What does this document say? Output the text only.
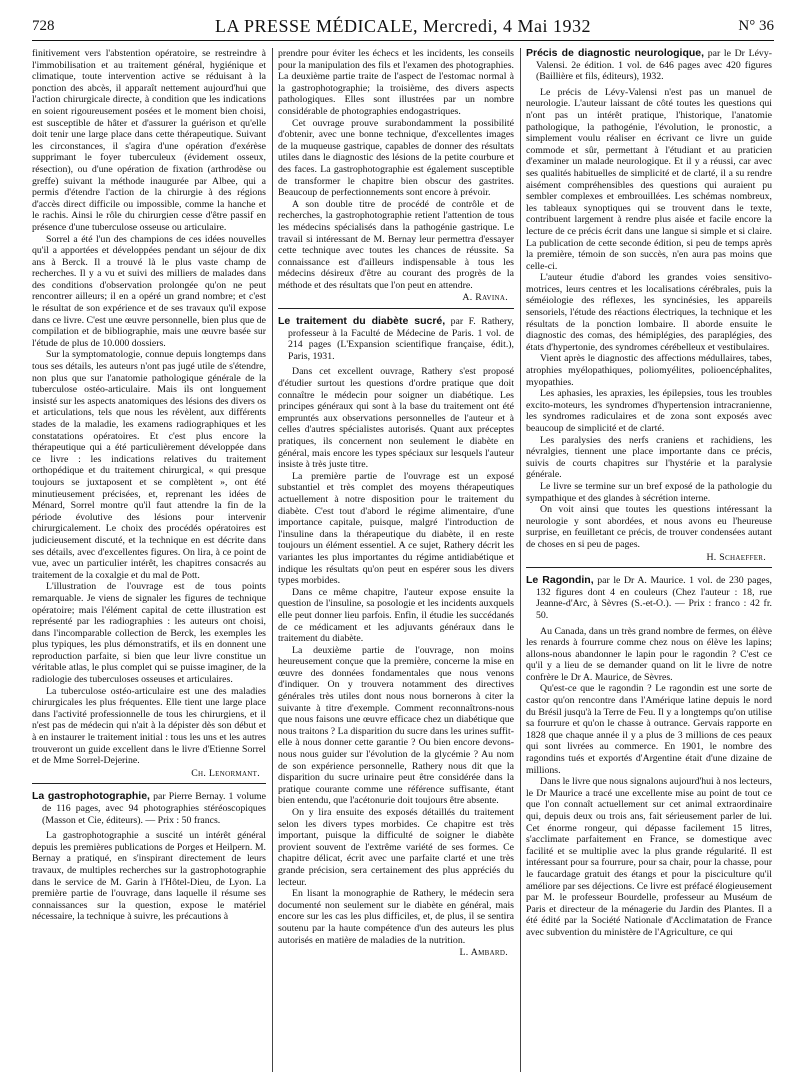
728	LA PRESSE MÉDICALE, Mercredi, 4 Mai 1932	N° 36

finitivement vers l'abstention opératoire, se restreindre à l'immobilisation et au traitement général, hygiénique et climatique, toute intervention active se réduisant à la ponction des abcès, il apparaît nettement aujourd'hui que l'action chirurgicale directe, à condition que les indications en soient rigoureusement posées et le moment bien choisi, est susceptible de hâter et d'assurer la guérison et qu'elle doit tenir une large place dans cette thérapeutique. Suivant les circonstances, il s'agira d'une opération d'exérèse supprimant le foyer tuberculeux (évidement osseux, résection), ou d'une opération de fixation (arthrodèse ou greffe) suivant la méthode inaugurée par Albee, qui a permis d'étendre l'action de la chirurgie à des régions d'accès direct difficile ou impossible, comme la hanche et le rachis. Ainsi le rôle du chirurgien cesse d'être passif en présence d'une tuberculose osseuse ou articulaire.

Sorrel a été l'un des champions de ces idées nouvelles qu'il a apportées et développées pendant un séjour de dix ans à Berck. Il a trouvé là le plus vaste champ de recherches. Il y a vu et suivi des milliers de malades dans des conditions d'observation prolongée qu'on ne peut rencontrer ailleurs; il en a opéré un grand nombre; et c'est le résultat de son expérience et de ses travaux qu'il expose dans ce livre. C'est une œuvre personnelle, bien plus que de compilation et de bibliographie, mais une œuvre basée sur l'étude de plus de 10.000 dossiers.

Sur la symptomatologie, connue depuis longtemps dans tous ses détails, les auteurs n'ont pas jugé utile de s'étendre, non plus que sur l'anatomie pathologique générale de la tuberculose ostéo-articulaire. Mais ils ont longuement insisté sur les aspects anatomiques des lésions des divers os et articulations, tels que nous les révèlent, aux différents stades de la maladie, les examens radiographiques et les constatations opératoires. Et c'est plus encore la thérapeutique qui a été particulièrement développée dans ce livre : les indications relatives du traitement orthopédique et du traitement chirurgical, « qui presque toujours se juxtaposent et se complètent », ont été minutieusement précisées, et, reprenant les idées de Ménard, Sorrel montre qu'il faut attendre la fin de la période évolutive des lésions pour intervenir chirurgicalement. Le choix des procédés opératoires est judicieusement discuté, et la technique en est décrite dans ses détails, avec d'excellentes figures. On lira, à ce point de vue, avec un particulier intérêt, les chapitres consacrés au traitement de la coxalgie et du mal de Pott.

L'illustration de l'ouvrage est de tous points remarquable. Je viens de signaler les figures de technique opératoire; mais l'élément capital de cette illustration est représenté par les radiographies : les auteurs ont choisi, dans l'incomparable collection de Berck, les exemples les plus typiques, les plus démonstratifs, et ils en donnent une reproduction parfaite, si bien que leur livre constitue un véritable atlas, le plus complet qui se puisse imaginer, de la radiologie des tuberculoses osseuses et articulaires.

La tuberculose ostéo-articulaire est une des maladies chirurgicales les plus fréquentes. Elle tient une large place dans l'activité professionnelle de tous les chirurgiens, et il n'est pas de médecin qui n'ait à la dépister dès son début et à en instaurer le traitement initial : tous les uns et les autres trouveront un guide excellent dans le livre d'Etienne Sorrel et de Mme Sorrel-Dejerine.

Ch. Lenormant.

La gastrophotographie, par Pierre Bernay. 1 volume de 116 pages, avec 94 photographies stéréoscopiques (Masson et Cie, éditeurs). — Prix : 50 francs.

La gastrophotographie a suscité un intérêt général depuis les premières publications de Porges et Heilpern. M. Bernay a pratiqué, en s'inspirant directement de leurs travaux, de multiples recherches sur la gastrophotographie dans le service de M. Garin à l'Hôtel-Dieu, de Lyon. La première partie de l'ouvrage, dans laquelle il résume ses connaissances sur la question, expose le matériel nécessaire, la technique à suivre, les précautions à

prendre pour éviter les échecs et les incidents, les conseils pour la manipulation des fils et l'examen des photographies. La deuxième partie traite de l'aspect de l'estomac normal à la gastrophotographie; la troisième, des divers aspects pathologiques. Elles sont illustrées par un nombre considérable de photographies endogastriques.

Cet ouvrage prouve surabondamment la possibilité d'obtenir, avec une bonne technique, d'excellentes images de la muqueuse gastrique, capables de donner des résultats utiles dans le diagnostic des lésions de la petite courbure et des faces. La gastrophotographie est également susceptible de transformer le chapitre bien obscur des gastrites. Beaucoup de perfectionnements sont encore à prévoir.

A son double titre de procédé de contrôle et de recherches, la gastrophotographie retient l'attention de tous les médecins spécialisés dans la pathogénie gastrique. Le travail si intéressant de M. Bernay leur permettra d'essayer cette technique avec toutes les chances de réussite. Sa connaissance est d'ailleurs indispensable à tous les médecins désireux d'être au courant des progrès de la méthode et des résultats que l'on peut en attendre.

A. Ravina.

Le traitement du diabète sucré, par F. Rathery, professeur à la Faculté de Médecine de Paris. 1 vol. de 214 pages (L'Expansion scientifique française, édit.), Paris, 1931.

Dans cet excellent ouvrage, Rathery s'est proposé d'étudier surtout les questions d'ordre pratique que doit connaître le médecin pour soigner un diabétique. Les principes généraux qui sont à la base du traitement ont été empruntés aux observations personnelles de l'auteur et à celles d'autres spécialistes autorisés. Quant aux préceptes pratiques, ils concernent non seulement le diabète en général, mais encore les types spéciaux sur lesquels l'auteur insiste à très juste titre.

La première partie de l'ouvrage est un exposé substantiel et très complet des moyens thérapeutiques actuellement à notre disposition pour le traitement du diabète. C'est tout d'abord le régime alimentaire, d'une importance capitale, puisque, malgré l'introduction de l'insuline dans la thérapeutique du diabète, il en reste toujours un élément essentiel. A ce sujet, Rathery décrit les variantes les plus importantes du régime antidiabétique et indique les résultats qu'on peut en espérer sous les divers types morbides.

Dans ce même chapitre, l'auteur expose ensuite la question de l'insuline, sa posologie et les incidents auxquels elle peut donner lieu parfois. Enfin, il étudie les succédanés de ce médicament et les adjuvants généraux dans le traitement du diabète.

La deuxième partie de l'ouvrage, non moins heureusement conçue que la première, concerne la mise en œuvre des données fondamentales que nous venons d'indiquer. On y trouvera notamment des directives générales très utiles dont nous nous bornerons à citer la suivante à titre d'exemple. Comment reconnaîtrons-nous que nous faisons une œuvre efficace chez un diabétique que nous traitons ? La disparition du sucre dans les urines suffit-elle à nous donner cette garantie ? Ou bien encore devons-nous nous guider sur l'évolution de la glycémie ? Au nom de son expérience personnelle, Rathery nous dit que la disparition du sucre urinaire peut être considérée dans la pratique courante comme une référence suffisante, étant bien entendu, que l'acétonurie doit toujours être absente.

On y lira ensuite des exposés détaillés du traitement selon les divers types morbides. Ce chapitre est très important, puisque la difficulté de soigner le diabète provient souvent de l'extrême variété de ses formes. Ce chapitre délicat, écrit avec une parfaite clarté et une très grande précision, sera certainement des plus appréciés du lecteur.

En lisant la monographie de Rathery, le médecin sera documenté non seulement sur le diabète en général, mais encore sur les cas les plus difficiles, et, de plus, il se sentira soutenu par la haute compétence d'un des auteurs les plus autorisés en matière de maladies de la nutrition.

L. Ambard.

Précis de diagnostic neurologique, par le Dr Lévy-Valensi. 2e édition. 1 vol. de 646 pages avec 420 figures (Baillière et fils, éditeurs), 1932.

Le précis de Lévy-Valensi n'est pas un manuel de neurologie. L'auteur laissant de côté toutes les questions qui n'ont pas un intérêt pratique, l'historique, l'anatomie pathologique, la pathogénie, l'évolution, le pronostic, a simplement voulu réaliser en écrivant ce livre un guide commode et sûr, permettant à l'étudiant et au praticien d'examiner un malade neurologique. Et il y a réussi, car avec ses qualités habituelles de simplicité et de clarté, il a su rendre aisément compréhensibles des questions qui auraient pu sembler complexes et embrouillées. Les schémas nombreux, les tableaux synoptiques qui se trouvent dans le texte, contribuent largement à rendre plus aisée et facile encore la lecture de ce précis écrit dans une langue si simple et si claire. La publication de cette seconde édition, si peu de temps après la première, témoin de son succès, n'en aura pas moins que celle-ci.

L'auteur étudie d'abord les grandes voies sensitivo-motrices, leurs centres et les localisations cérébrales, puis la séméiologie des réflexes, les syncinésies, les appareils sensoriels, l'étude des réactions électriques, la technique et les résultats de la ponction lombaire. Il aborde ensuite le diagnostic des comas, des hémiplégies, des paraplégies, des états d'hypertonie, des syndromes cérébelleux et vestibulaires.

Vient après le diagnostic des affections médullaires, tabes, atrophies myélopathiques, poliomyélites, polioencéphalites, myopathies.

Les aphasies, les apraxies, les épilepsies, tous les troubles excito-moteurs, les syndromes d'hypertension intracranienne, les syndromes radiculaires et de zona sont exposés avec beaucoup de simplicité et de clarté.

Les paralysies des nerfs craniens et rachidiens, les névralgies, tiennent une place importante dans ce précis, suivis de courts chapitres sur l'hystérie et la paralysie générale.

Le livre se termine sur un bref exposé de la pathologie du sympathique et des glandes à sécrétion interne.

On voit ainsi que toutes les questions intéressant la neurologie y sont abordées, et nous avons eu l'heureuse surprise, en feuilletant ce précis, de trouver condensées autant de choses en si peu de pages.

H. Schaeffer.

Le Ragondin, par le Dr A. Maurice. 1 vol. de 230 pages, 132 figures dont 4 en couleurs (Chez l'auteur : 18, rue Jeanne-d'Arc, à Sèvres (S.-et-O.). — Prix : franco : 42 fr. 50.

Au Canada, dans un très grand nombre de fermes, on élève les renards à fourrure comme chez nous on élève les lapins; allons-nous abandonner le lapin pour le ragondin ? C'est ce qu'il y a lieu de se demander quand on lit le livre de notre confrère le Dr A. Maurice, de Sèvres.

Qu'est-ce que le ragondin ? Le ragondin est une sorte de castor qu'on rencontre dans l'Amérique latine depuis le nord du Brésil jusqu'à la Terre de Feu. Il y a longtemps qu'on utilise sa fourrure et qu'on le chasse à outrance. Gervais rapporte en 1828 que chaque année il y a plus de 3 millions de ces peaux qui sont livrées au commerce. En 1901, le nombre des ragondins tués et exportés d'Argentine était d'une dizaine de millions.

Dans le livre que nous signalons aujourd'hui à nos lecteurs, le Dr Maurice a tracé une excellente mise au point de tout ce que l'on connaît actuellement sur cet animal extraordinaire qui, depuis deux ou trois ans, fait sérieusement parler de lui. Cet énorme rongeur, qui dépasse facilement 15 litres, s'acclimate parfaitement en France, se domestique avec facilité et se multiplie avec la plus grande régularité. Il est intéressant pour sa fourrure, pour sa chair, pour la chasse, pour le faucardage gratuit des étangs et pour la pisciculture qu'il améliore par ses déjections. Ce livre est préfacé élogieusement par M. le professeur Bourdelle, professeur au Muséum de Paris et directeur de la ménagerie du Jardin des Plantes. Il a été édité par la Société Nationale d'Acclimatation de France avec subvention du ministère de l'Agriculture, ce qui
